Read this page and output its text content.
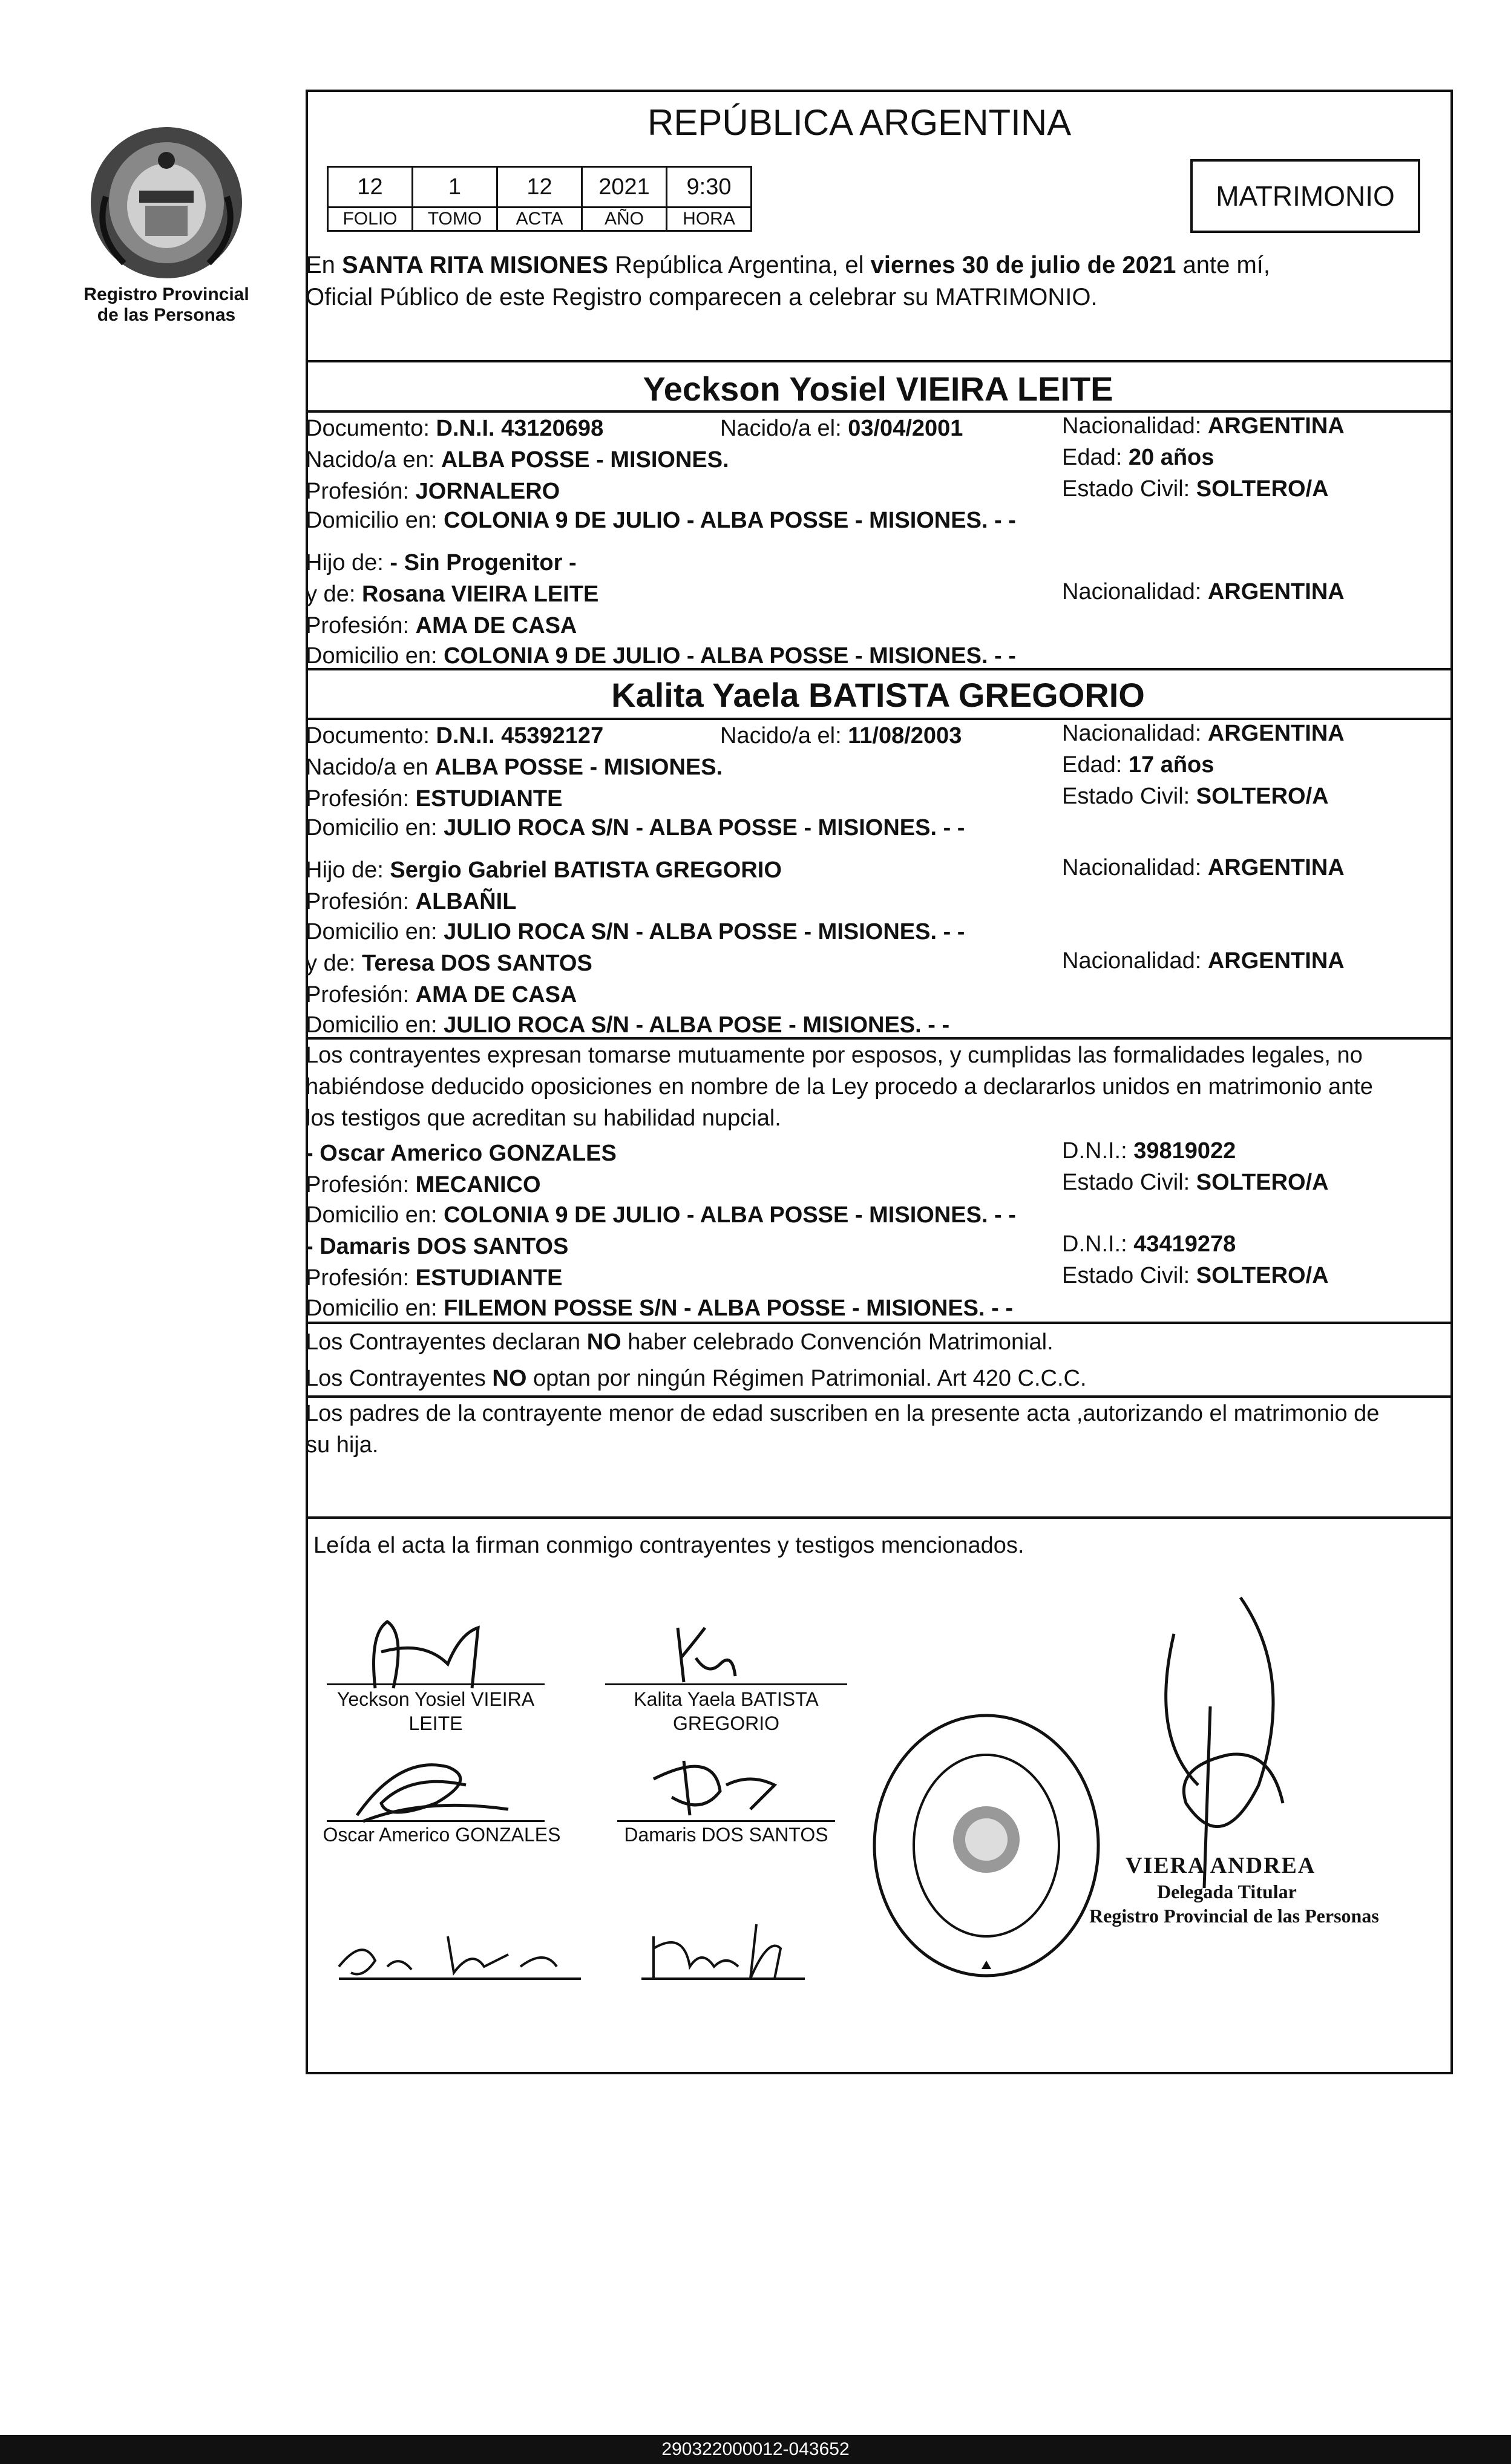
Registro Provincial
de las Personas
REPÚBLICA ARGENTINA
12	1	12	2021	9:30
FOLIO	TOMO	ACTA	AÑO	HORA
MATRIMONIO
En SANTA RITA MISIONES República Argentina, el viernes 30 de julio de 2021 ante mí,
Oficial Público de este Registro comparecen a celebrar su MATRIMONIO.
Yeckson Yosiel VIEIRA LEITE
Documento: D.N.I. 43120698	Nacido/a el: 03/04/2001	Nacionalidad: ARGENTINA
Nacido/a en: ALBA POSSE - MISIONES.	Edad: 20 años
Profesión: JORNALERO	Estado Civil: SOLTERO/A
Domicilio en: COLONIA 9 DE JULIO - ALBA POSSE - MISIONES. - -
Hijo de: - Sin Progenitor -
y de: Rosana VIEIRA LEITE	Nacionalidad: ARGENTINA
Profesión: AMA DE CASA
Domicilio en: COLONIA 9 DE JULIO - ALBA POSSE - MISIONES. - -
Kalita Yaela BATISTA GREGORIO
Documento: D.N.I. 45392127	Nacido/a el: 11/08/2003	Nacionalidad: ARGENTINA
Nacido/a en ALBA POSSE - MISIONES.	Edad: 17 años
Profesión: ESTUDIANTE	Estado Civil: SOLTERO/A
Domicilio en: JULIO ROCA S/N - ALBA POSSE - MISIONES. - -
Hijo de: Sergio Gabriel BATISTA GREGORIO	Nacionalidad: ARGENTINA
Profesión: ALBAÑIL
Domicilio en: JULIO ROCA S/N - ALBA POSSE - MISIONES. - -
y de: Teresa DOS SANTOS	Nacionalidad: ARGENTINA
Profesión: AMA DE CASA
Domicilio en: JULIO ROCA S/N - ALBA POSE - MISIONES. - -
Los contrayentes expresan tomarse mutuamente por esposos, y cumplidas las formalidades legales, no
habiéndose deducido oposiciones en nombre de la Ley procedo a declararlos unidos en matrimonio ante
los testigos que acreditan su habilidad nupcial.
- Oscar Americo GONZALES	D.N.I.: 39819022
Profesión: MECANICO	Estado Civil: SOLTERO/A
Domicilio en: COLONIA 9 DE JULIO - ALBA POSSE - MISIONES. - -
- Damaris DOS SANTOS	D.N.I.: 43419278
Profesión: ESTUDIANTE	Estado Civil: SOLTERO/A
Domicilio en: FILEMON POSSE S/N - ALBA POSSE - MISIONES. - -
Los Contrayentes declaran NO haber celebrado Convención Matrimonial.
Los Contrayentes NO optan por ningún Régimen Patrimonial. Art 420 C.C.C.
Los padres de la contrayente menor de edad suscriben en la presente acta ,autorizando el matrimonio de
su hija.
Leída el acta la firman conmigo contrayentes y testigos mencionados.
Yeckson Yosiel VIEIRA
LEITE
Kalita Yaela BATISTA
GREGORIO
Oscar Americo GONZALES	Damaris DOS SANTOS
VIERA ANDREA
Delegada Titular
Registro Provincial de las Personas
290322000012-043652
